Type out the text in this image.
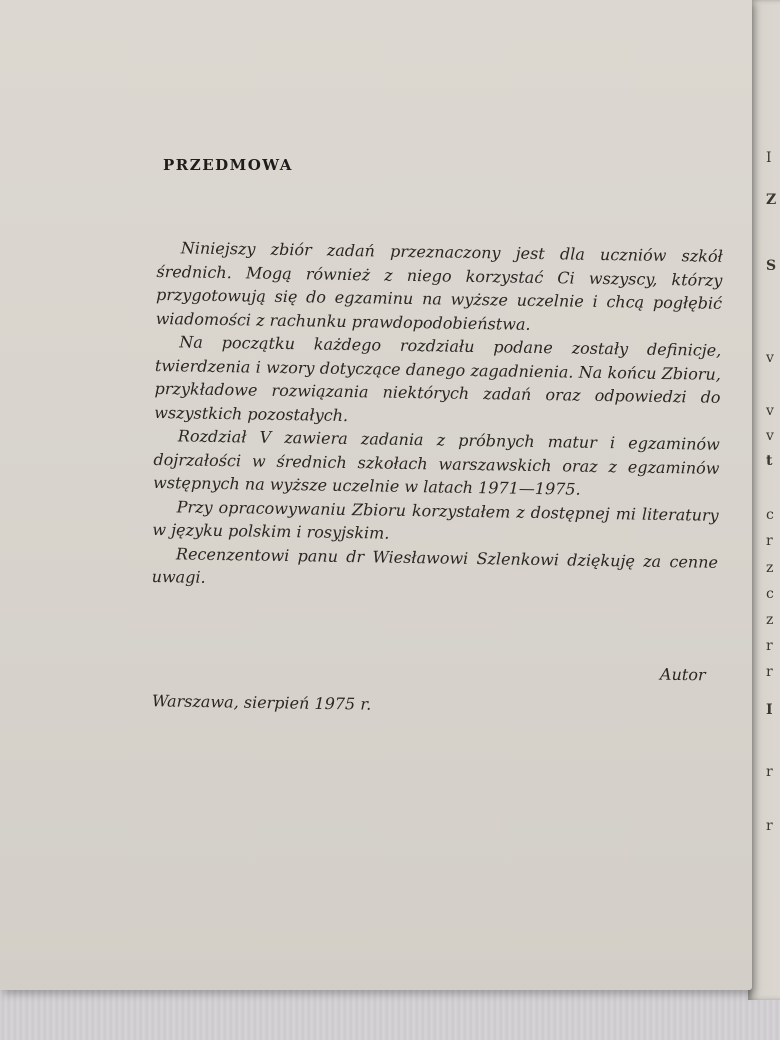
I
Z
S
v
v
v
t
c
r
z
c
z
r
r
I
r
r
PRZEDMOWA

Niniejszy zbiór zadań przeznaczony jest dla uczniów szkół średnich. Mogą również z niego korzystać Ci wszyscy, którzy przygotowują się do egzaminu na wyższe uczelnie i chcą pogłębić wiadomości z rachunku prawdopodobieństwa.

Na początku każdego rozdziału podane zostały definicje, twierdzenia i wzory dotyczące danego zagadnienia. Na końcu Zbioru, przykładowe rozwiązania niektórych zadań oraz odpowiedzi do wszystkich pozostałych.

Rozdział V zawiera zadania z próbnych matur i egzaminów dojrzałości w średnich szkołach warszawskich oraz z egzaminów wstępnych na wyższe uczelnie w latach 1971—1975.

Przy opracowywaniu Zbioru korzystałem z dostępnej mi literatury w języku polskim i rosyjskim.

Recenzentowi panu dr Wiesławowi Szlenkowi dziękuję za cenne uwagi.

Autor
Warszawa, sierpień 1975 r.
